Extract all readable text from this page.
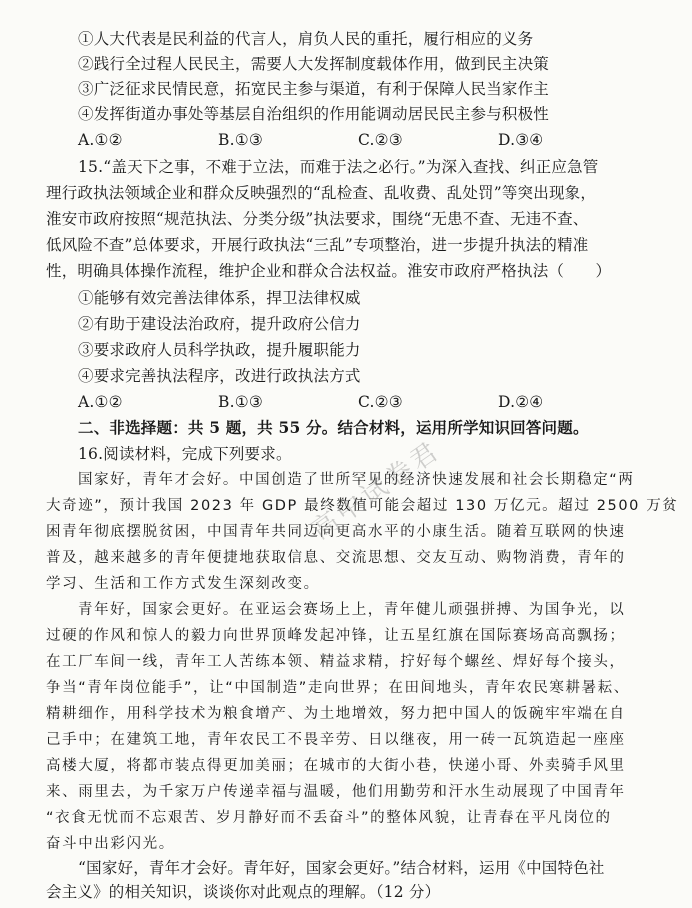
①人大代表是民利益的代言人，肩负人民的重托，履行相应的义务
②践行全过程人民民主，需要人大发挥制度载体作用，做到民主决策
③广泛征求民情民意，拓宽民主参与渠道，有利于保障人民当家作主
④发挥街道办事处等基层自治组织的作用能调动居民民主参与积极性
A.①②	B.①③	C.②③	D.③④
15.“盖天下之事，不难于立法，而难于法之必行。”为深入查找、纠正应急管
理行政执法领域企业和群众反映强烈的“乱检查、乱收费、乱处罚”等突出现象，
淮安市政府按照“规范执法、分类分级”执法要求，围绕“无患不查、无违不查、
低风险不查”总体要求，开展行政执法“三乱”专项整治，进一步提升执法的精准
性，明确具体操作流程，维护企业和群众合法权益。淮安市政府严格执法（　　）
①能够有效完善法律体系，捍卫法律权威
②有助于建设法治政府，提升政府公信力
③要求政府人员科学执政，提升履职能力
④要求完善执法程序，改进行政执法方式
A.①②	B.①③	C.②③	D.②④
二、非选择题：共 5 题，共 55 分。结合材料，运用所学知识回答问题。
16.阅读材料，完成下列要求。
国家好，青年才会好。中国创造了世所罕见的经济快速发展和社会长期稳定“两
大奇迹”，预计我国 2023 年 GDP 最终数值可能会超过 130 万亿元。超过 2500 万贫
困青年彻底摆脱贫困，中国青年共同迈向更高水平的小康生活。随着互联网的快速
普及，越来越多的青年便捷地获取信息、交流思想、交友互动、购物消费，青年的
学习、生活和工作方式发生深刻改变。
青年好，国家会更好。在亚运会赛场上上，青年健儿顽强拼搏、为国争光，以
过硬的作风和惊人的毅力向世界顶峰发起冲锋，让五星红旗在国际赛场高高飘扬；
在工厂车间一线，青年工人苦练本领、精益求精，拧好每个螺丝、焊好每个接头，
争当“青年岗位能手”，让“中国制造”走向世界；在田间地头，青年农民寒耕暑耘、
精耕细作，用科学技术为粮食增产、为土地增效，努力把中国人的饭碗牢牢端在自
己手中；在建筑工地，青年农民工不畏辛劳、日以继夜，用一砖一瓦筑造起一座座
高楼大厦，将都市装点得更加美丽；在城市的大街小巷，快递小哥、外卖骑手风里
来、雨里去，为千家万户传递幸福与温暖，他们用勤劳和汗水生动展现了中国青年
“衣食无忧而不忘艰苦、岁月静好而不丢奋斗”的整体风貌，让青春在平凡岗位的
奋斗中出彩闪光。
“国家好，青年才会好。青年好，国家会更好。”结合材料，运用《中国特色社
会主义》的相关知识，谈谈你对此观点的理解。（12 分）
高中试卷君
